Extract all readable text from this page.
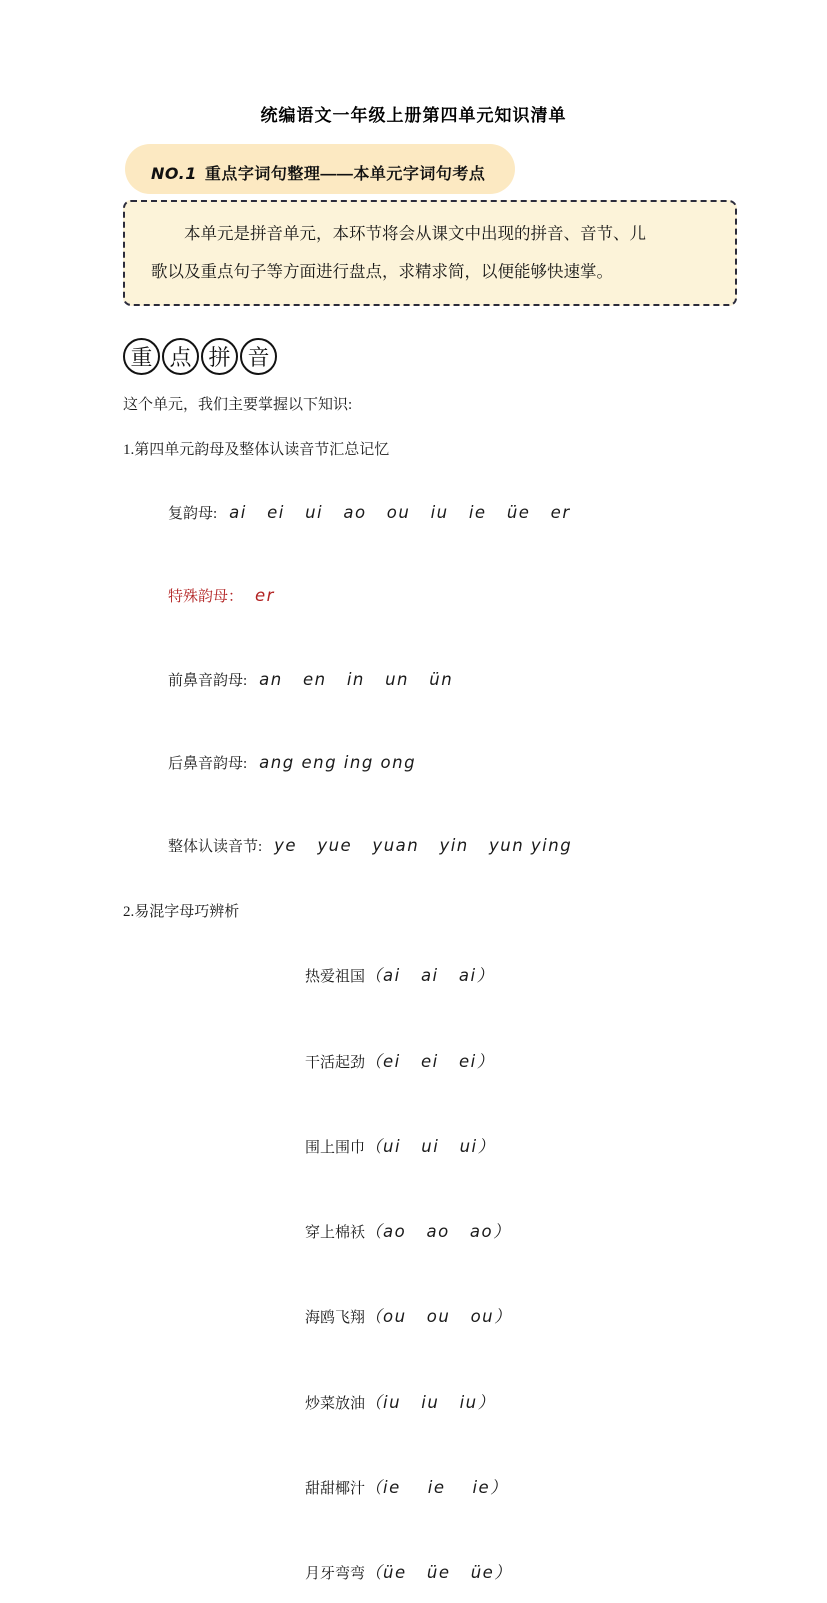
统编语文一年级上册第四单元知识清单
NO.1 重点字词句整理——本单元字词句考点
本单元是拼音单元，本环节将会从课文中出现的拼音、音节、儿
歌以及重点句子等方面进行盘点，求精求简，以便能够快速掌。
重 点 拼 音

这个单元，我们主要掌握以下知识:

1.第四单元韵母及整体认读音节汇总记忆

复韵母: ai   ei   ui   ao   ou   iu   ie   üe   er

特殊韵母： er

前鼻音韵母: an   en   in   un   ün

后鼻音韵母: ang eng ing ong

整体认读音节: ye   yue   yuan   yin   yun ying

2.易混字母巧辨析

热爱祖国（ai   ai   ai）

干活起劲（ei   ei   ei）

围上围巾（ui   ui   ui）

穿上棉袄（ao   ao   ao）

海鸥飞翔（ou   ou   ou）

炒菜放油（iu   iu   iu）

甜甜椰汁（ie    ie    ie）

月牙弯弯（üe   üe   üe）
